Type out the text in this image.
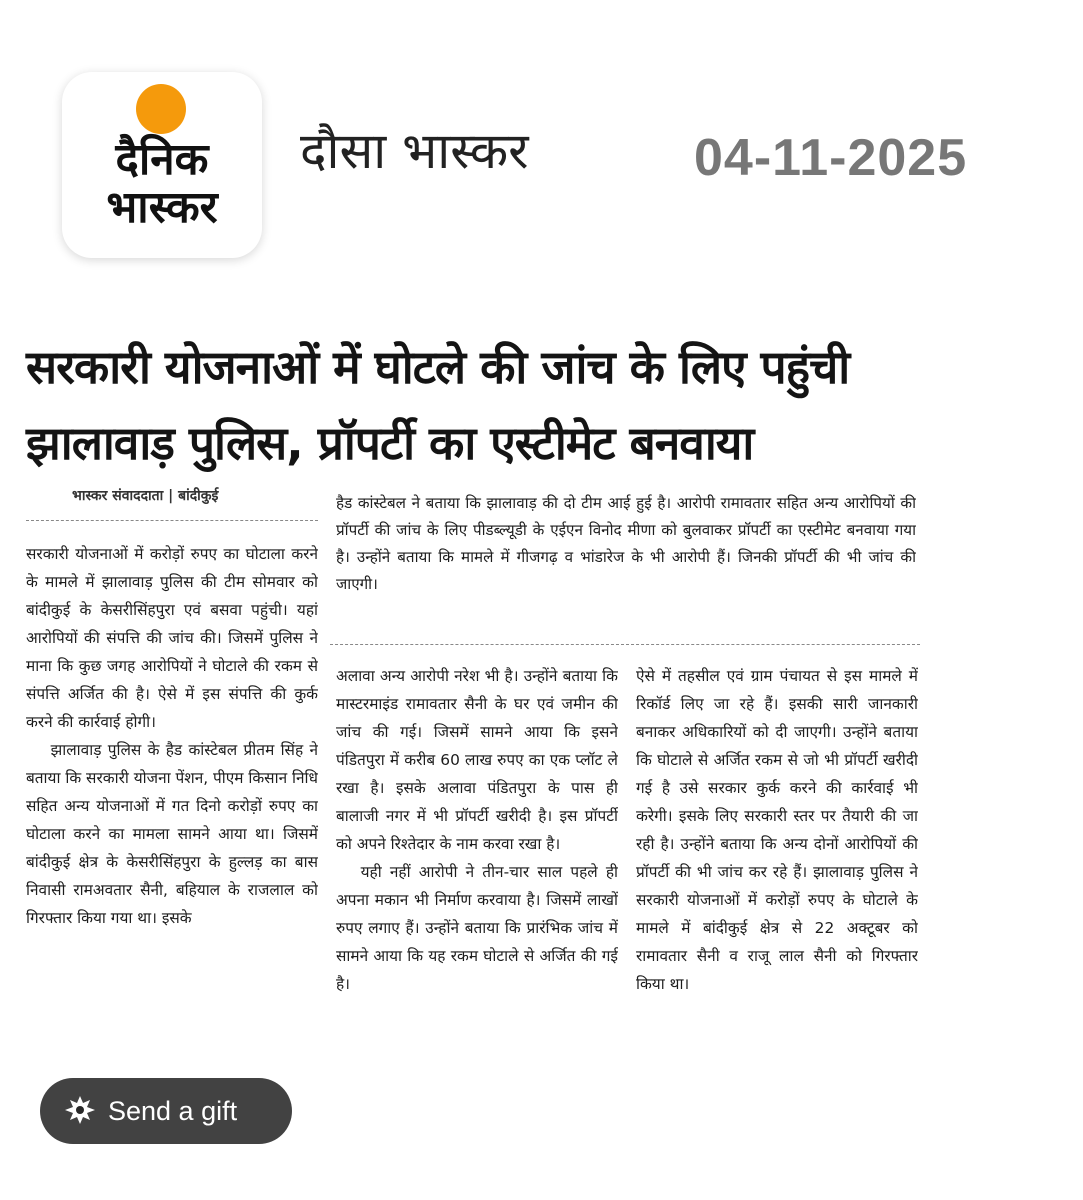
दैनिक
भास्कर
दौसा भास्कर	04-11-2025
सरकारी योजनाओं में घोटले की जांच के लिए पहुंची
झालावाड़ पुलिस, प्रॉपर्टी का एस्टीमेट बनवाया
भास्कर संवाददाता | बांदीकुई

सरकारी योजनाओं में करोड़ों रुपए का घोटाला करने के मामले में झालावाड़ पुलिस की टीम सोमवार को बांदीकुई के केसरीसिंहपुरा एवं बसवा पहुंची। यहां आरोपियों की संपत्ति की जांच की। जिसमें पुलिस ने माना कि कुछ जगह आरोपियों ने घोटाले की रकम से संपत्ति अर्जित की है। ऐसे में इस संपत्ति की कुर्क करने की कार्रवाई होगी।

झालावाड़ पुलिस के हैड कांस्टेबल प्रीतम सिंह ने बताया कि सरकारी योजना पेंशन, पीएम किसान निधि सहित अन्य योजनाओं में गत दिनो करोड़ों रुपए का घोटाला करने का मामला सामने आया था। जिसमें बांदीकुई क्षेत्र के केसरीसिंहपुरा के हुल्लड़ का बास निवासी रामअवतार सैनी, बहियाल के राजलाल को गिरफ्तार किया गया था। इसके

हैड कांस्टेबल ने बताया कि झालावाड़ की दो टीम आई हुई है। आरोपी रामावतार सहित अन्य आरोपियों की प्रॉपर्टी की जांच के लिए पीडब्ल्यूडी के एईएन विनोद मीणा को बुलवाकर प्रॉपर्टी का एस्टीमेट बनवाया गया है। उन्होंने बताया कि मामले में गीजगढ़ व भांडारेज के भी आरोपी हैं। जिनकी प्रॉपर्टी की भी जांच की जाएगी।

अलावा अन्य आरोपी नरेश भी है। उन्होंने बताया कि मास्टरमाइंड रामावतार सैनी के घर एवं जमीन की जांच की गई। जिसमें सामने आया कि इसने पंडितपुरा में करीब 60 लाख रुपए का एक प्लॉट ले रखा है। इसके अलावा पंडितपुरा के पास ही बालाजी नगर में भी प्रॉपर्टी खरीदी है। इस प्रॉपर्टी को अपने रिश्तेदार के नाम करवा रखा है।

यही नहीं आरोपी ने तीन-चार साल पहले ही अपना मकान भी निर्माण करवाया है। जिसमें लाखों रुपए लगाए हैं। उन्होंने बताया कि प्रारंभिक जांच में सामने आया कि यह रकम घोटाले से अर्जित की गई है।

ऐसे में तहसील एवं ग्राम पंचायत से इस मामले में रिकॉर्ड लिए जा रहे हैं। इसकी सारी जानकारी बनाकर अधिकारियों को दी जाएगी। उन्होंने बताया कि घोटाले से अर्जित रकम से जो भी प्रॉपर्टी खरीदी गई है उसे सरकार कुर्क करने की कार्रवाई भी करेगी। इसके लिए सरकारी स्तर पर तैयारी की जा रही है। उन्होंने बताया कि अन्य दोनों आरोपियों की प्रॉपर्टी की भी जांच कर रहे हैं। झालावाड़ पुलिस ने सरकारी योजनाओं में करोड़ों रुपए के घोटाले के मामले में बांदीकुई क्षेत्र से 22 अक्टूबर को रामावतार सैनी व राजू लाल सैनी को गिरफ्तार किया था।

Send a gift
